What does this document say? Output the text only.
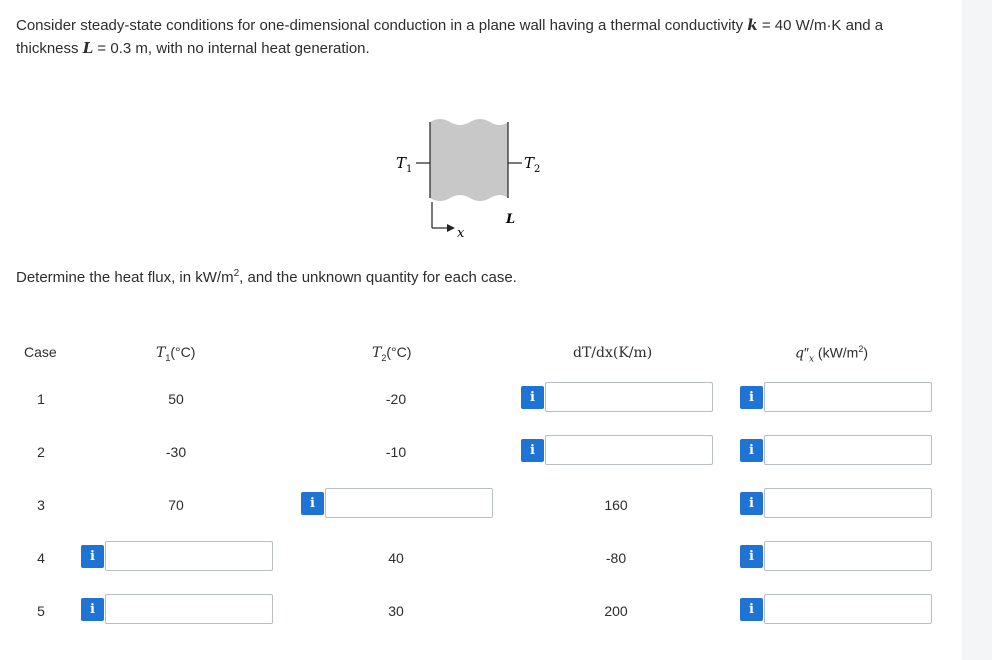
Consider steady-state conditions for one-dimensional conduction in a plane wall having a thermal conductivity k = 40 W/m·K and a
thickness L = 0.3 m, with no internal heat generation.
$T_1$	$T_2$
x
L
Determine the heat flux, in $kW/m^2$, and the unknown quantity for each case.
Case	$T_1(^\circ C)$	$T_2(^\circ C)$	dT/dx(K/m)	$q''_x$ $(kW/m^2)$
1	50	-20	i	i
2	-30	-10	i	i
3	70	i	160	i
4	i	40	-80	i
5	i	30	200	i
